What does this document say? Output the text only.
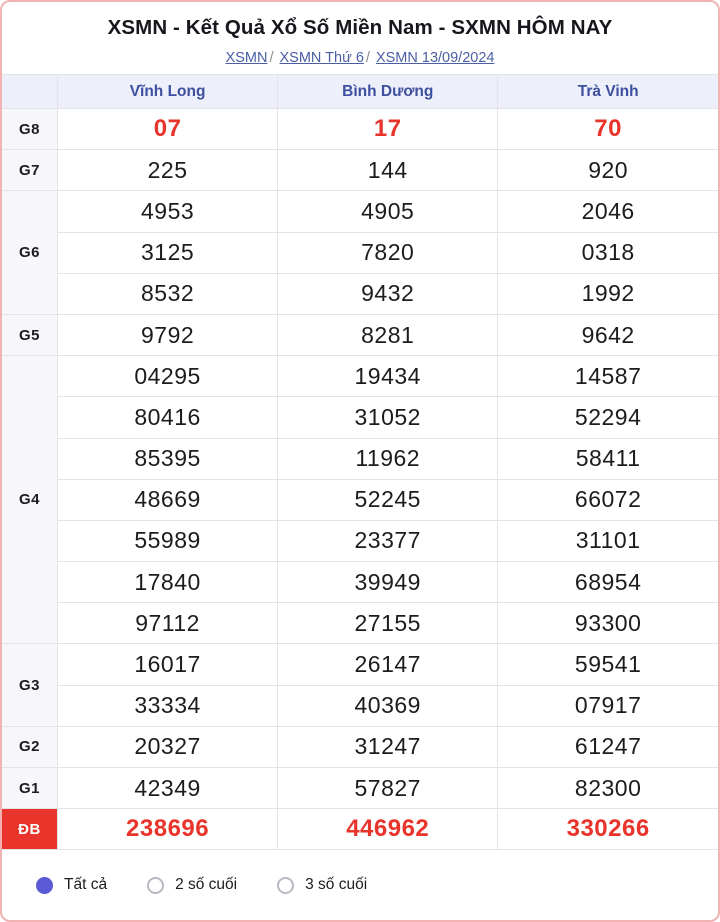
XSMN - Kết Quả Xổ Số Miền Nam - SXMN HÔM NAY
XSMN / XSMN Thứ 6 / XSMN 13/09/2024
	Vĩnh Long	Bình Dương	Trà Vinh
G8	07	17	70
G7	225	144	920
G6	4953	4905	2046
	3125	7820	0318
	8532	9432	1992
G5	9792	8281	9642
G4	04295	19434	14587
	80416	31052	52294
	85395	11962	58411
	48669	52245	66072
	55989	23377	31101
	17840	39949	68954
	97112	27155	93300
G3	16017	26147	59541
	33334	40369	07917
G2	20327	31247	61247
G1	42349	57827	82300
ĐB	238696	446962	330266
Tất cả	2 số cuối	3 số cuối
